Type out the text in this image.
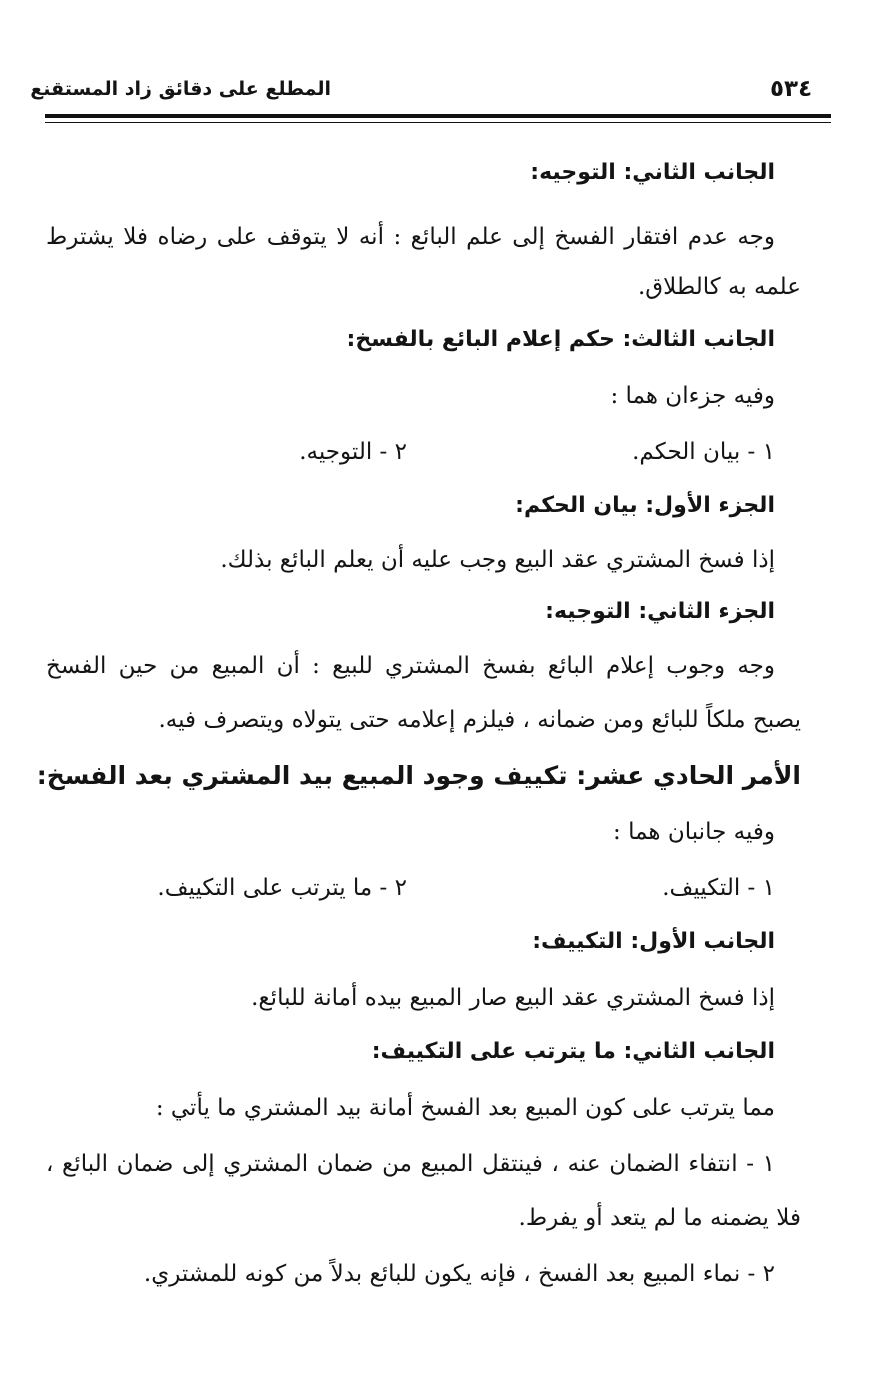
المطلع على دقائق زاد المستقنع	٥٣٤
الجانب الثاني: التوجيه:
وجه عدم افتقار الفسخ إلى علم البائع : أنه لا يتوقف على رضاه فلا يشترط
علمه به كالطلاق.
الجانب الثالث: حكم إعلام البائع بالفسخ:
وفيه جزءان هما :
١ - بيان الحكم.
٢ - التوجيه.
الجزء الأول: بيان الحكم:
إذا فسخ المشتري عقد البيع وجب عليه أن يعلم البائع بذلك.
الجزء الثاني: التوجيه:
وجه وجوب إعلام البائع بفسخ المشتري للبيع : أن المبيع من حين الفسخ
يصبح ملكاً للبائع ومن ضمانه ، فيلزم إعلامه حتى يتولاه ويتصرف فيه.
الأمر الحادي عشر: تكييف وجود المبيع بيد المشتري بعد الفسخ:
وفيه جانبان هما :
١ - التكييف.
٢ - ما يترتب على التكييف.
الجانب الأول: التكييف:
إذا فسخ المشتري عقد البيع صار المبيع بيده أمانة للبائع.
الجانب الثاني: ما يترتب على التكييف:
مما يترتب على كون المبيع بعد الفسخ أمانة بيد المشتري ما يأتي :
١ - انتفاء الضمان عنه ، فينتقل المبيع من ضمان المشتري إلى ضمان البائع ،
فلا يضمنه ما لم يتعد أو يفرط.
٢ - نماء المبيع بعد الفسخ ، فإنه يكون للبائع بدلاً من كونه للمشتري.
